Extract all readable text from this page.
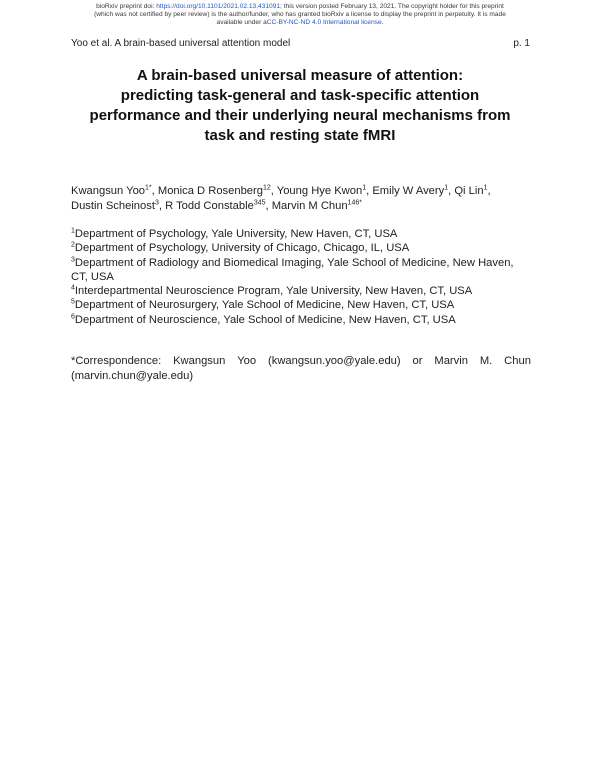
bioRxiv preprint doi: https://doi.org/10.1101/2021.02.13.431091; this version posted February 13, 2021. The copyright holder for this preprint
(which was not certified by peer review) is the author/funder, who has granted bioRxiv a license to display the preprint in perpetuity. It is made
available under aCC-BY-NC-ND 4.0 International license.
Yoo et al. A brain-based universal attention model	p. 1
A brain-based universal measure of attention:
predicting task-general and task-specific attention
performance and their underlying neural mechanisms from
task and resting state fMRI
Kwangsun Yoo$^{1*}$, Monica D Rosenberg$^{12}$, Young Hye Kwon$^1$, Emily W Avery$^1$, Qi Lin$^1$,
Dustin Scheinost$^3$, R Todd Constable$^{345}$, Marvin M Chun$^{146*}$
$^1$Department of Psychology, Yale University, New Haven, CT, USA
$^2$Department of Psychology, University of Chicago, Chicago, IL, USA
$^3$Department of Radiology and Biomedical Imaging, Yale School of Medicine, New Haven, CT, USA
$^4$Interdepartmental Neuroscience Program, Yale University, New Haven, CT, USA
$^5$Department of Neurosurgery, Yale School of Medicine, New Haven, CT, USA
$^6$Department of Neuroscience, Yale School of Medicine, New Haven, CT, USA
*Correspondence: Kwangsun Yoo (kwangsun.yoo@yale.edu) or Marvin M. Chun
(marvin.chun@yale.edu)
